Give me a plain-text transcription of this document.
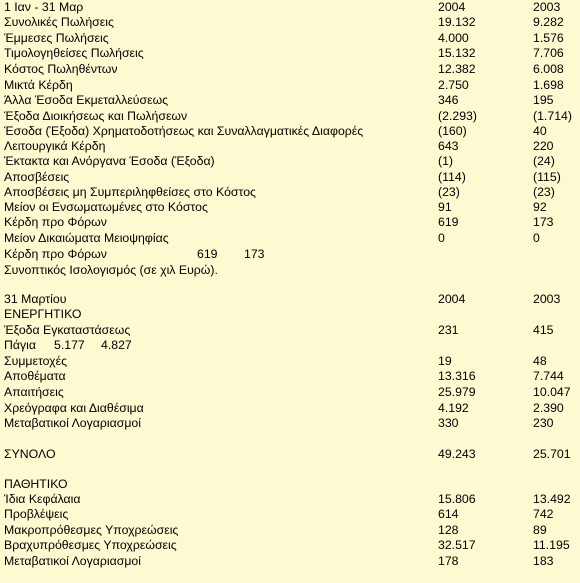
1 Ιαν - 31 Μαρ	2004	2003
Συνολικές Πωλήσεις	19.132	9.282
Έμμεσες Πωλήσεις	4.000	1.576
Τιμολογηθείσες Πωλήσεις	15.132	7.706
Κόστος Πωληθέντων	12.382	6.008
Μικτά Κέρδη	2.750	1.698
Άλλα Έσοδα Εκμεταλλεύσεως	346	195
Έξοδα Διοικήσεως και Πωλήσεων	(2.293)	(1.714)
Έσοδα (Έξοδα) Χρηματοδοτήσεως και Συναλλαγματικές Διαφορές	(160)	40
Λειτουργικά Κέρδη	643	220
Έκτακτα και Ανόργανα Έσοδα (Έξοδα)	(1)	(24)
Αποσβέσεις	(114)	(115)
Αποσβέσεις μη Συμπεριληφθείσες στο Κόστος	(23)	(23)
Μείον οι Ενσωματωμένες στο Κόστος	91	92
Κέρδη προ Φόρων	619	173
Μείον Δικαιώματα Μειοψηφίας	0	0
Κέρδη προ Φόρων	619 173
Συνοπτικός Ισολογισμός (σε χιλ Ευρώ).
31 Μαρτίου	2004	2003
ΕΝΕΡΓΗΤΙΚΟ
Έξοδα Εγκαταστάσεως	231	415
Πάγια 5.177 4.827
Συμμετοχές	19	48
Αποθέματα	13.316	7.744
Απαιτήσεις	25.979	10.047
Χρεόγραφα και Διαθέσιμα	4.192	2.390
Μεταβατικοί Λογαριασμοί	330	230
ΣΥΝΟΛΟ	49.243	25.701
ΠΑΘΗΤΙΚΟ
Ίδια Κεφάλαια	15.806	13.492
Προβλέψεις	614	742
Μακροπρόθεσμες Υποχρεώσεις	128	89
Βραχυπρόθεσμες Υποχρεώσεις	32.517	11.195
Μεταβατικοί Λογαριασμοί	178	183
